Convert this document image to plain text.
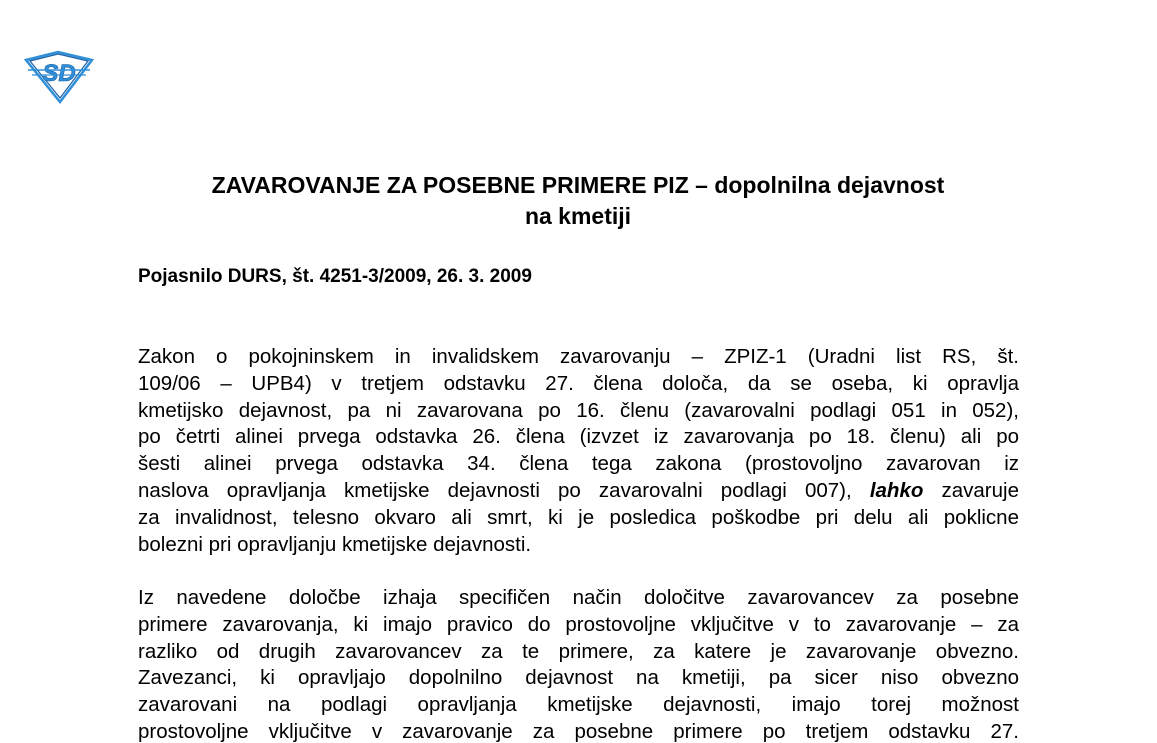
SD
ZAVAROVANJE ZA POSEBNE PRIMERE PIZ – dopolnilna dejavnost
na kmetiji

Pojasnilo DURS, št. 4251-3/2009, 26. 3. 2009

Zakon o pokojninskem in invalidskem zavarovanju – ZPIZ-1 (Uradni list RS, št.
109/06 – UPB4) v tretjem odstavku 27. člena določa, da se oseba, ki opravlja
kmetijsko dejavnost, pa ni zavarovana po 16. členu (zavarovalni podlagi 051 in 052),
po četrti alinei prvega odstavka 26. člena (izvzet iz zavarovanja po 18. členu) ali po
šesti alinei prvega odstavka 34. člena tega zakona (prostovoljno zavarovan iz
naslova opravljanja kmetijske dejavnosti po zavarovalni podlagi 007), lahko zavaruje
za invalidnost, telesno okvaro ali smrt, ki je posledica poškodbe pri delu ali poklicne
bolezni pri opravljanju kmetijske dejavnosti.
Iz navedene določbe izhaja specifičen način določitve zavarovancev za posebne
primere zavarovanja, ki imajo pravico do prostovoljne vključitve v to zavarovanje – za
razliko od drugih zavarovancev za te primere, za katere je zavarovanje obvezno.
Zavezanci, ki opravljajo dopolnilno dejavnost na kmetiji, pa sicer niso obvezno
zavarovani na podlagi opravljanja kmetijske dejavnosti, imajo torej možnost
prostovoljne vključitve v zavarovanje za posebne primere po tretjem odstavku 27.
